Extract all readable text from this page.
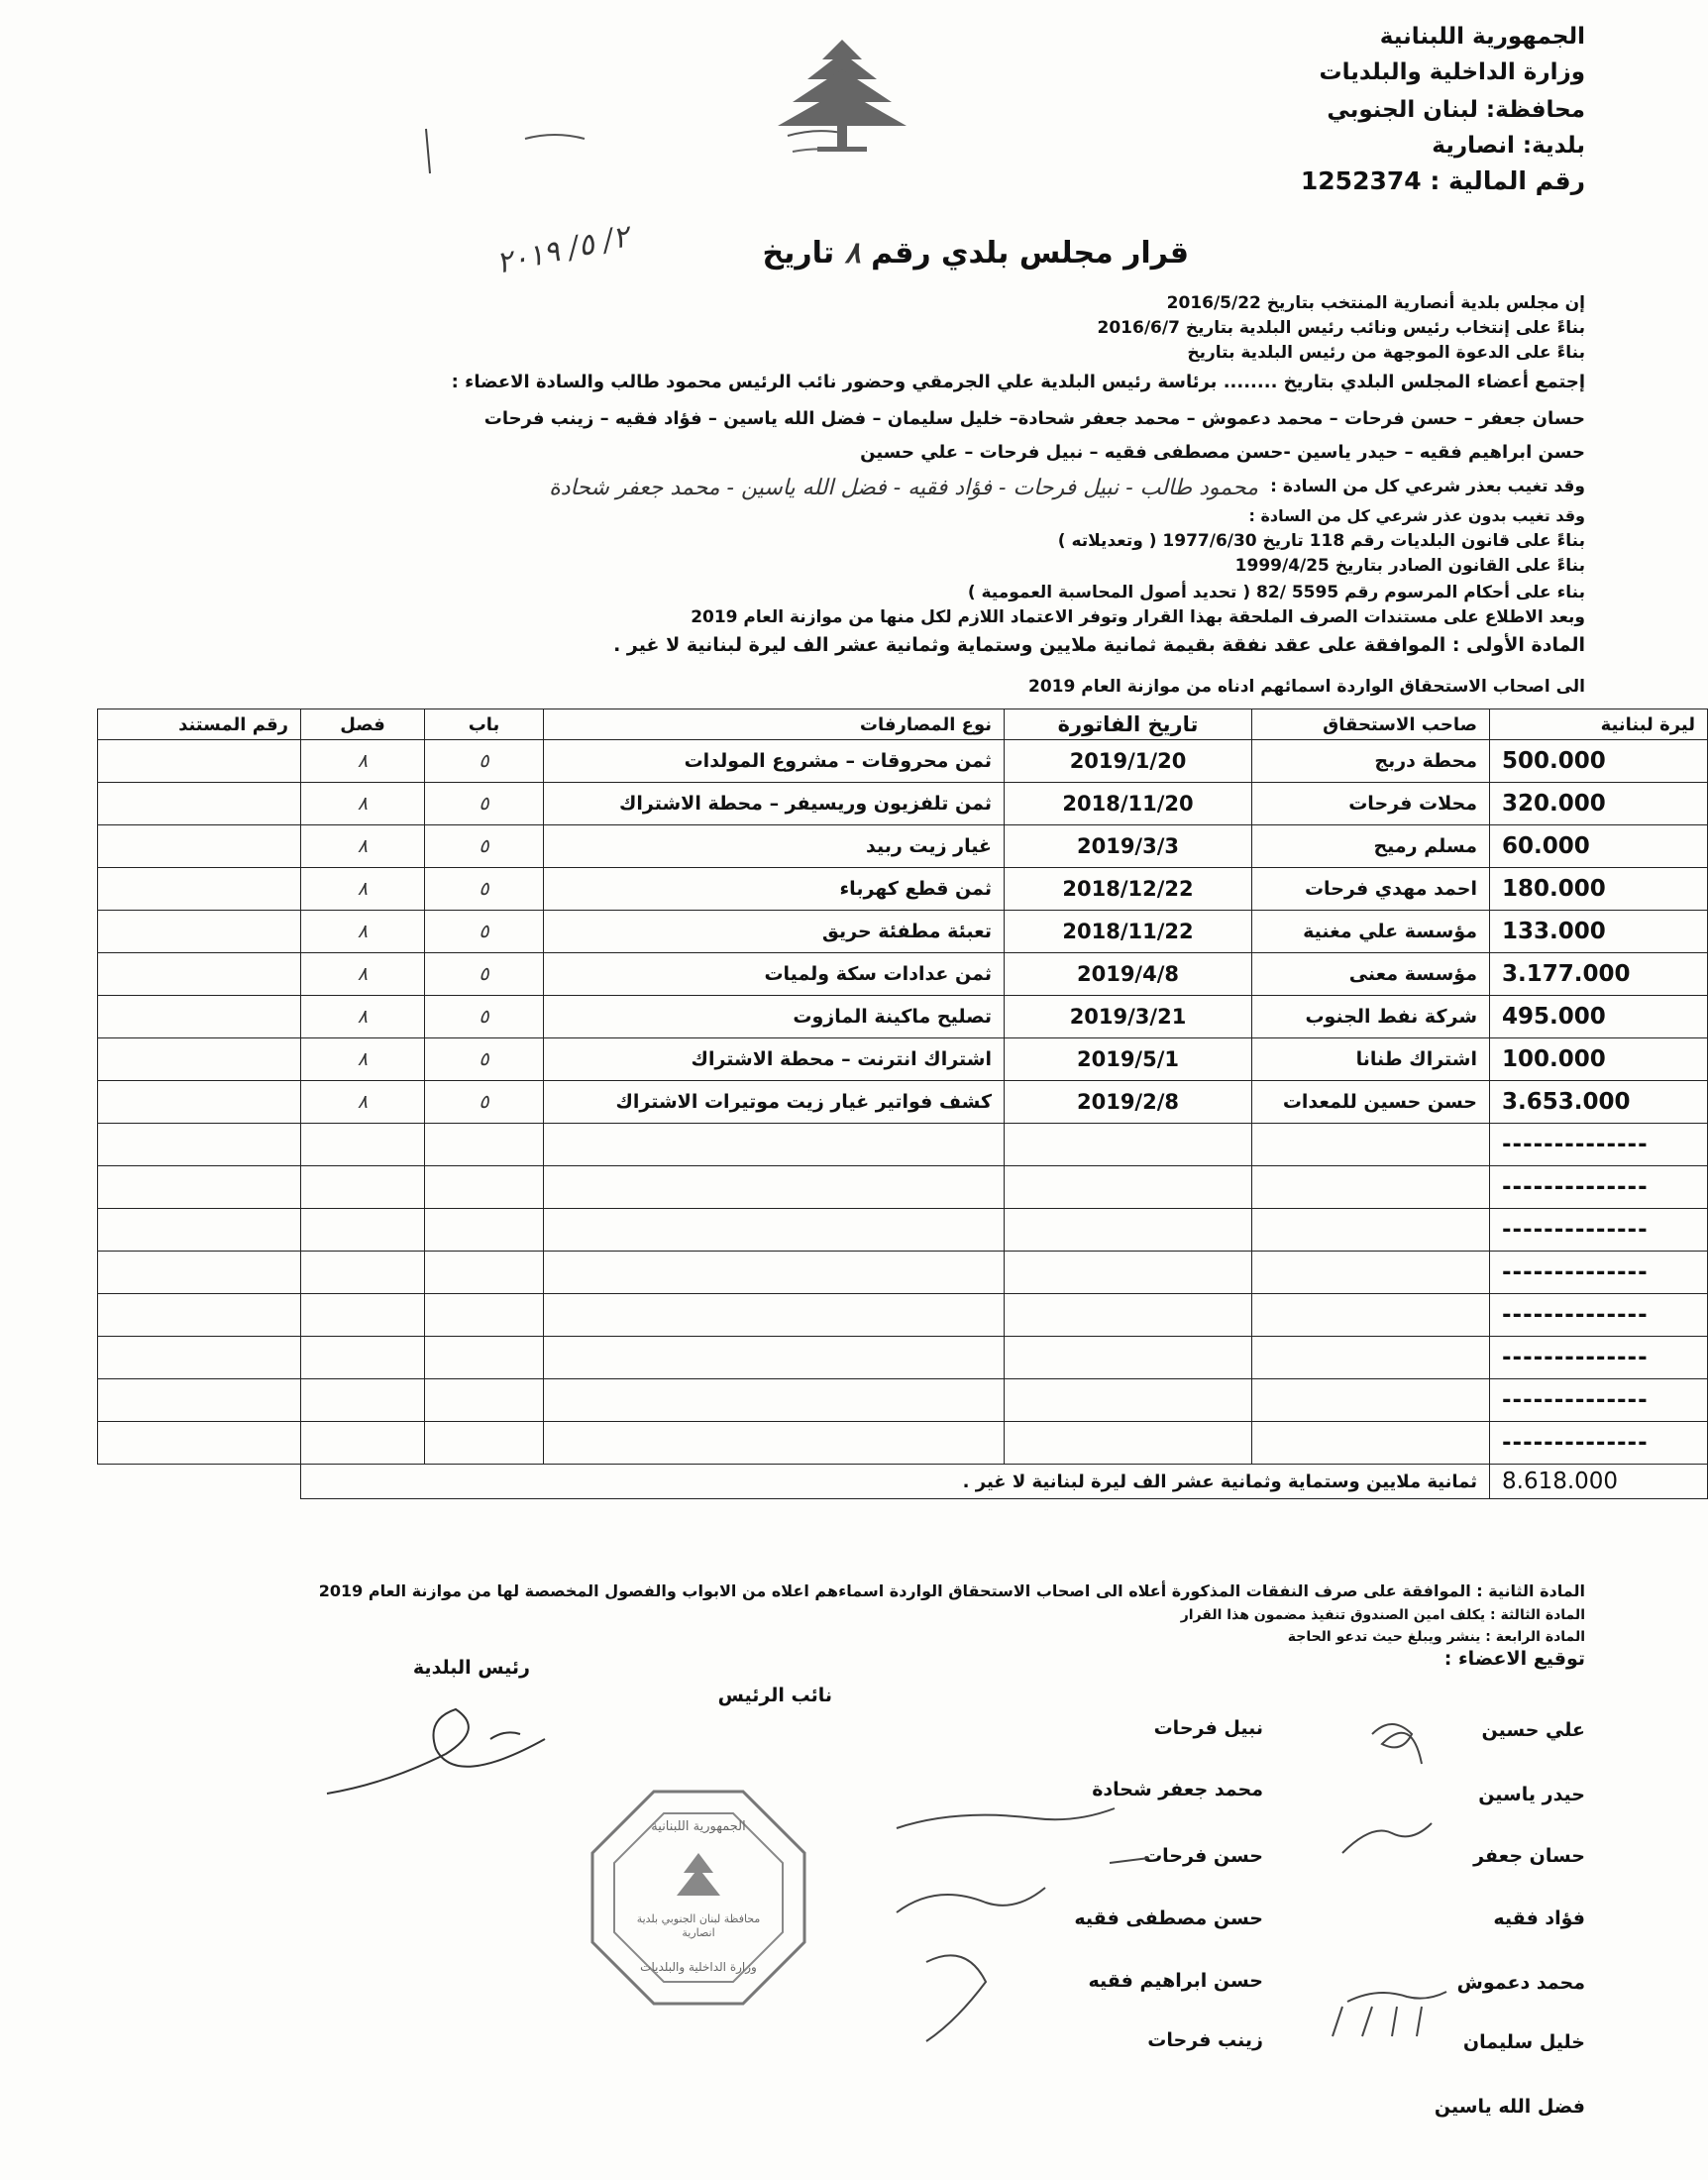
الجمهورية اللبنانية
وزارة الداخلية والبلديات
محافظة: لبنان الجنوبي
بلدية: انصارية
رقم المالية : 1252374
قرار مجلس بلدي رقم ٨ تاريخ
٢/ ٥/ ٢٠١٩
إن مجلس بلدية أنصارية المنتخب بتاريخ 2016/5/22
بناءً على إنتخاب رئيس ونائب رئيس البلدية بتاريخ 2016/6/7
بناءً على الدعوة الموجهة من رئيس البلدية بتاريخ
إجتمع أعضاء المجلس البلدي بتاريخ ........ برئاسة رئيس البلدية علي الجرمقي وحضور نائب الرئيس محمود طالب والسادة الاعضاء :
حسان جعفر – حسن فرحات – محمد دعموش – محمد جعفر شحادة– خليل سليمان – فضل الله ياسين – فؤاد فقيه – زينب فرحات
حسن ابراهيم فقيه – حيدر ياسين -حسن مصطفى فقيه – نبيل فرحات – علي حسين
وقد تغيب بعذر شرعي كل من السادة :
محمود طالب - نبيل فرحات - فؤاد فقيه - فضل الله ياسين - محمد جعفر شحادة
وقد تغيب بدون عذر شرعي كل من السادة :
بناءً على قانون البلديات رقم 118 تاريخ 1977/6/30 ( وتعديلاته )
بناءً على القانون الصادر بتاريخ 1999/4/25
بناء على أحكام المرسوم رقم 5595 /82 ( تحديد أصول المحاسبة العمومية )
وبعد الاطلاع على مستندات الصرف الملحقة بهذا القرار وتوفر الاعتماد اللازم لكل منها من موازنة العام 2019
المادة الأولى : الموافقة على عقد نفقة بقيمة ثمانية ملايين وستماية وثمانية عشر الف ليرة لبنانية لا غير .
الى اصحاب الاستحقاق الواردة اسمائهم ادناه من موازنة العام 2019
ليرة لبنانية	صاحب الاستحقاق	تاريخ الفاتورة	نوع المصارفات	باب	فصل	رقم المستند
500.000	محطة دربج	2019/1/20	ثمن محروقات – مشروع المولدات	٥	٨	
320.000	محلات فرحات	2018/11/20	ثمن تلفزيون وريسيفر – محطة الاشتراك	٥	٨	
60.000	مسلم رميح	2019/3/3	غيار زيت ربيد	٥	٨	
180.000	احمد مهدي فرحات	2018/12/22	ثمن قطع كهرباء	٥	٨	
133.000	مؤسسة علي مغنية	2018/11/22	تعبئة مطفئة حريق	٥	٨	
3.177.000	مؤسسة معنى	2019/4/8	ثمن عدادات سكة ولميات	٥	٨	
495.000	شركة نفط الجنوب	2019/3/21	تصليح ماكينة المازوت	٥	٨	
100.000	اشتراك طنانا	2019/5/1	اشتراك انترنت – محطة الاشتراك	٥	٨	
3.653.000	حسن حسين للمعدات	2019/2/8	كشف فواتير غيار زيت موتيرات الاشتراك	٥	٨	
--------------						
--------------						
--------------						
--------------						
--------------						
--------------						
--------------						
--------------						
8.618.000	ثمانية ملايين وستماية وثمانية عشر الف ليرة لبنانية لا غير .					
المادة الثانية : الموافقة على صرف النفقات المذكورة أعلاه الى اصحاب الاستحقاق الواردة اسماءهم اعلاه من الابواب والفصول المخصصة لها من موازنة العام 2019
المادة الثالثة : يكلف امين الصندوق تنفيذ مضمون هذا القرار
المادة الرابعة : ينشر ويبلغ حيث تدعو الحاجة
توقيع الاعضاء :
رئيس البلدية
نائب الرئيس
علي حسين
حيدر ياسين
حسان جعفر
فؤاد فقيه
محمد دعموش
خليل سليمان
فضل الله ياسين
نبيل فرحات
محمد جعفر شحادة
حسن فرحات
حسن مصطفى فقيه
حسن ابراهيم فقيه
زينب فرحات
الجمهورية اللبنانية
محافظة لبنان الجنوبي بلدية انصارية
وزارة الداخلية والبلديات
